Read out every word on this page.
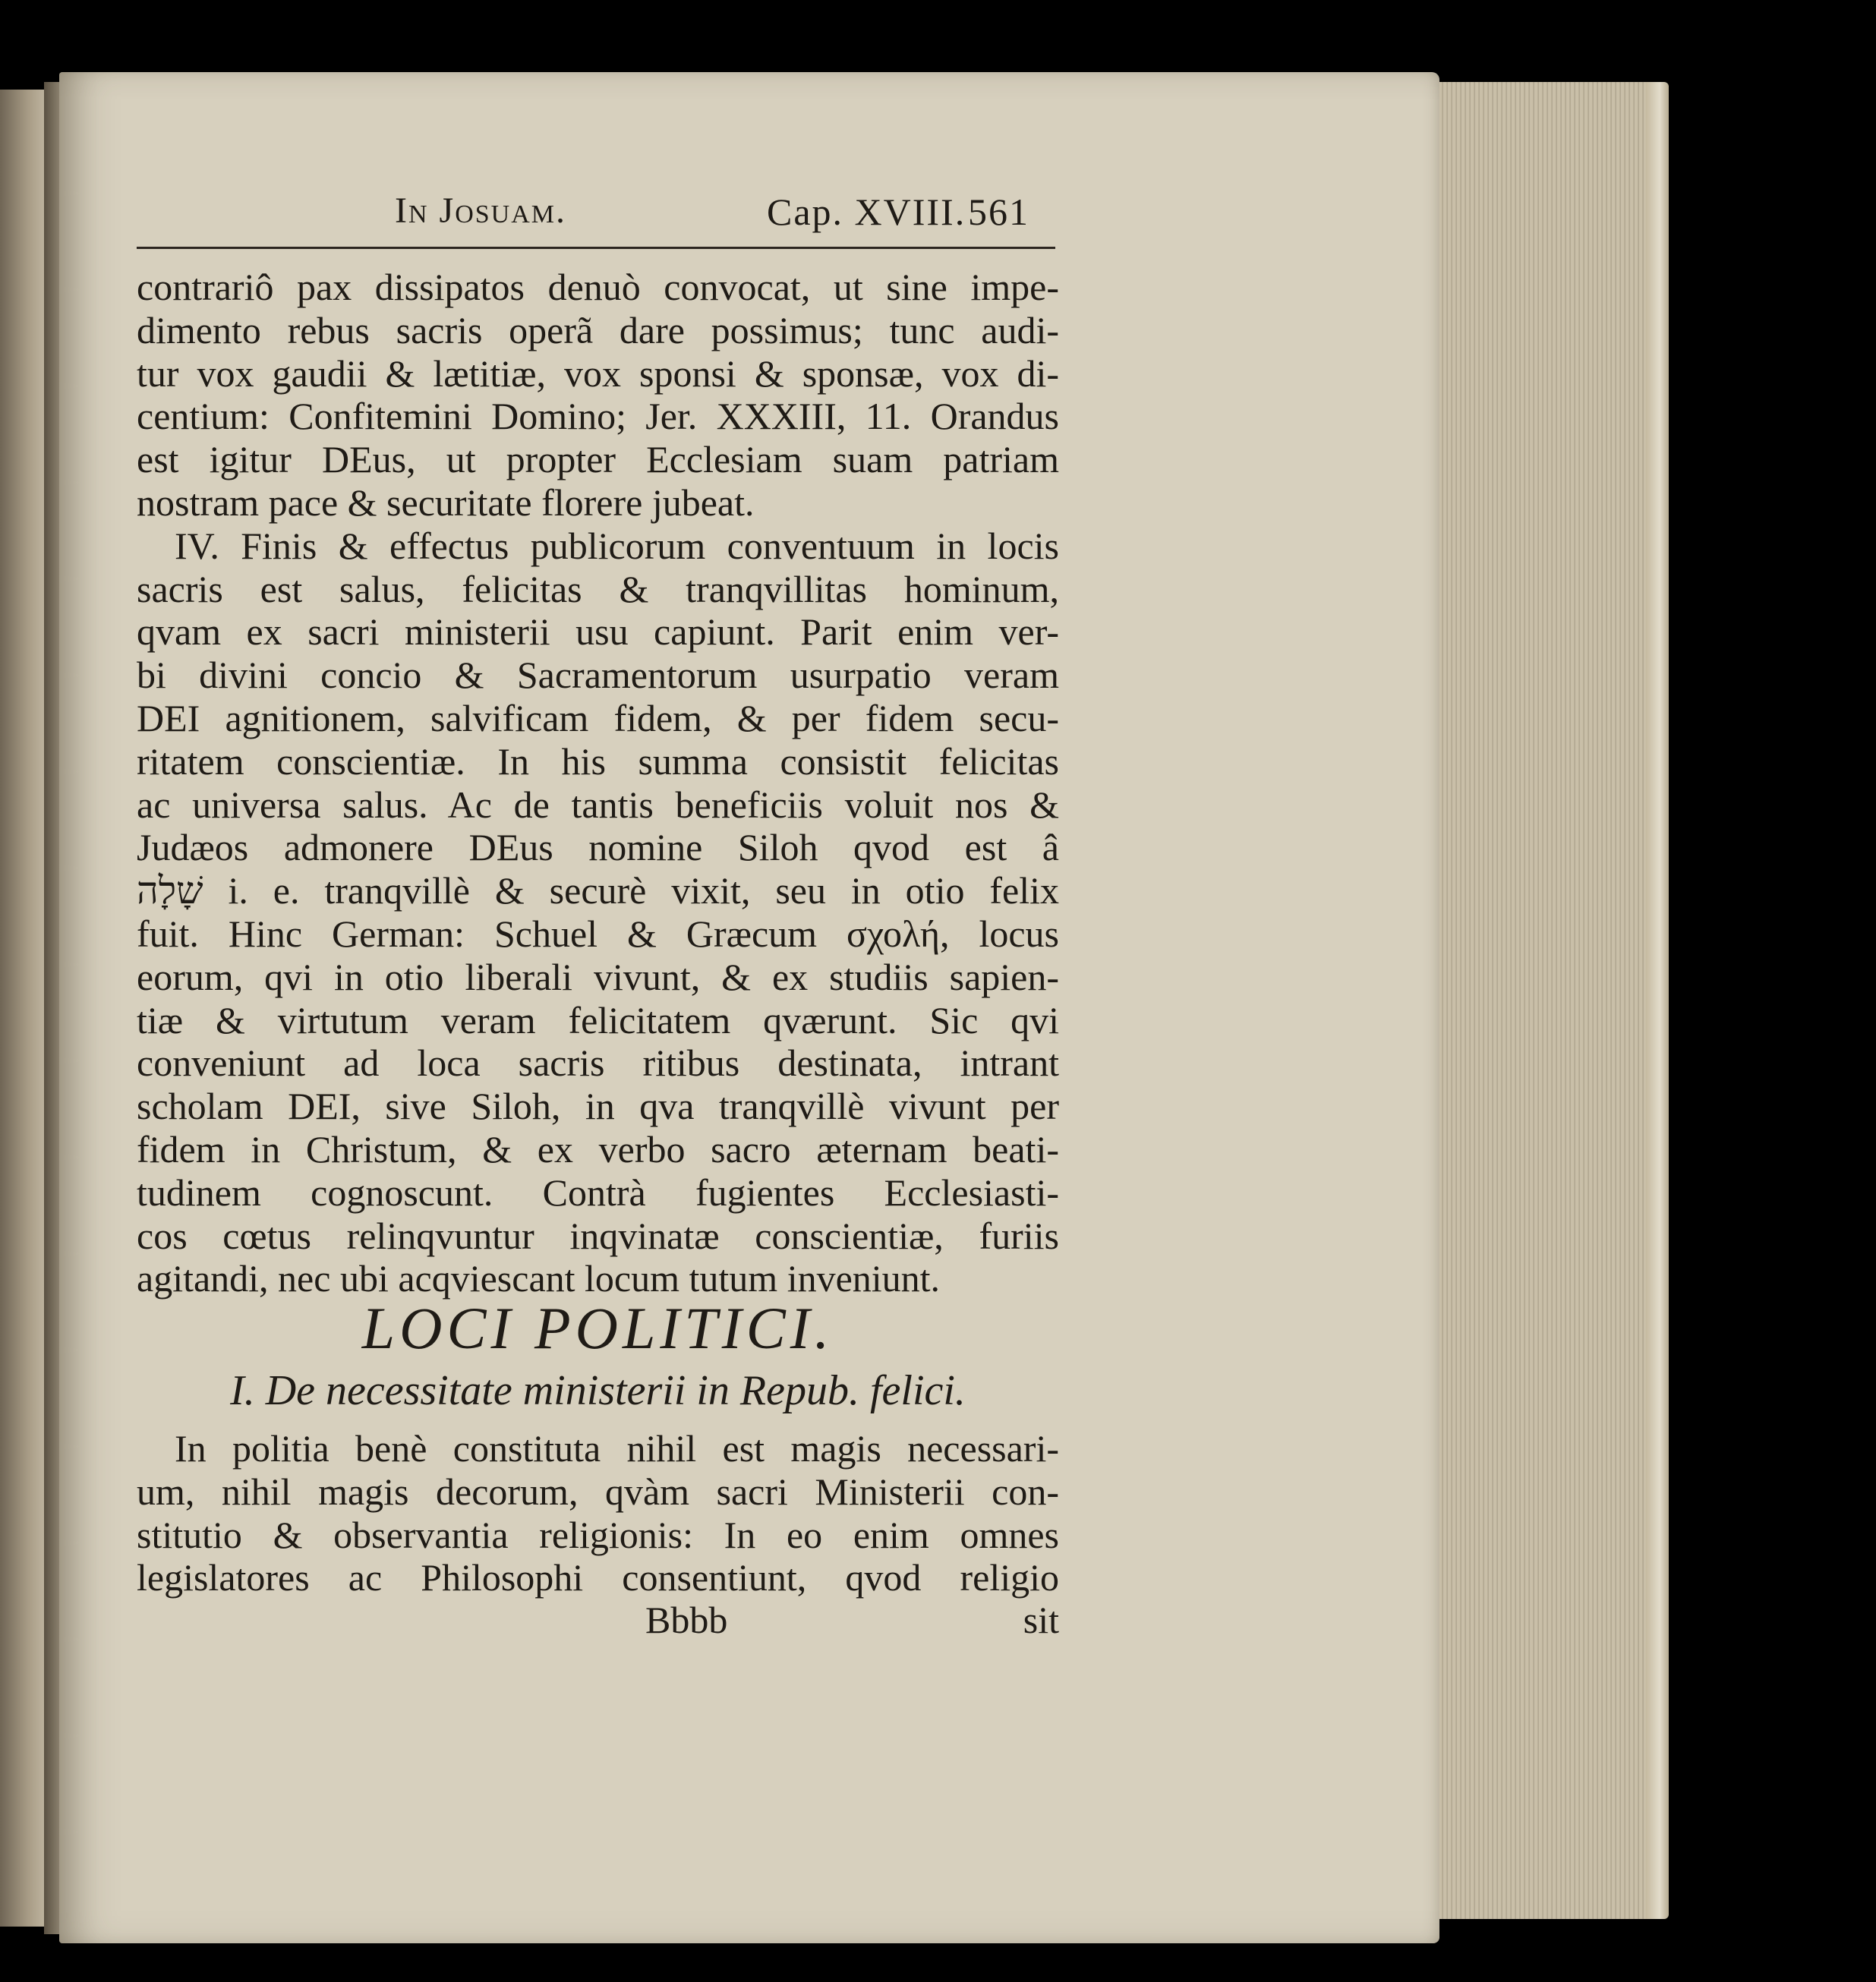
In Josuam.	Cap. XVIII. 561
contrariô pax dissipatos denuò convocat, ut sine impe-
dimento rebus sacris operã dare possimus; tunc audi-
tur vox gaudii & lætitiæ, vox sponsi & sponsæ, vox di-
centium: Confitemini Domino; Jer. XXXIII, 11. Orandus
est igitur DEus, ut propter Ecclesiam suam patriam
nostram pace & securitate florere jubeat.
IV. Finis & effectus publicorum conventuum in locis
sacris est salus, felicitas & tranqvillitas hominum,
qvam ex sacri ministerii usu capiunt. Parit enim ver-
bi divini concio & Sacramentorum usurpatio veram
DEI agnitionem, salvificam fidem, & per fidem secu-
ritatem conscientiæ. In his summa consistit felicitas
ac universa salus. Ac de tantis beneficiis voluit nos &
Judæos admonere DEus nomine Siloh qvod est â
שָׁלָה i. e. tranqvillè & securè vixit, seu in otio felix
fuit. Hinc German: Schuel & Græcum σχολή, locus
eorum, qvi in otio liberali vivunt, & ex studiis sapien-
tiæ & virtutum veram felicitatem qværunt. Sic qvi
conveniunt ad loca sacris ritibus destinata, intrant
scholam DEI, sive Siloh, in qva tranqvillè vivunt per
fidem in Christum, & ex verbo sacro æternam beati-
tudinem cognoscunt. Contrà fugientes Ecclesiasti-
cos cœtus relinqvuntur inqvinatæ conscientiæ, furiis
agitandi, nec ubi acqviescant locum tutum inveniunt.
LOCI POLITICI.
I. De necessitate ministerii in Repub. felici.
In politia benè constituta nihil est magis necessari-
um, nihil magis decorum, qvàm sacri Ministerii con-
stitutio & observantia religionis: In eo enim omnes
legislatores ac Philosophi consentiunt, qvod religio
Bbbb	sit
